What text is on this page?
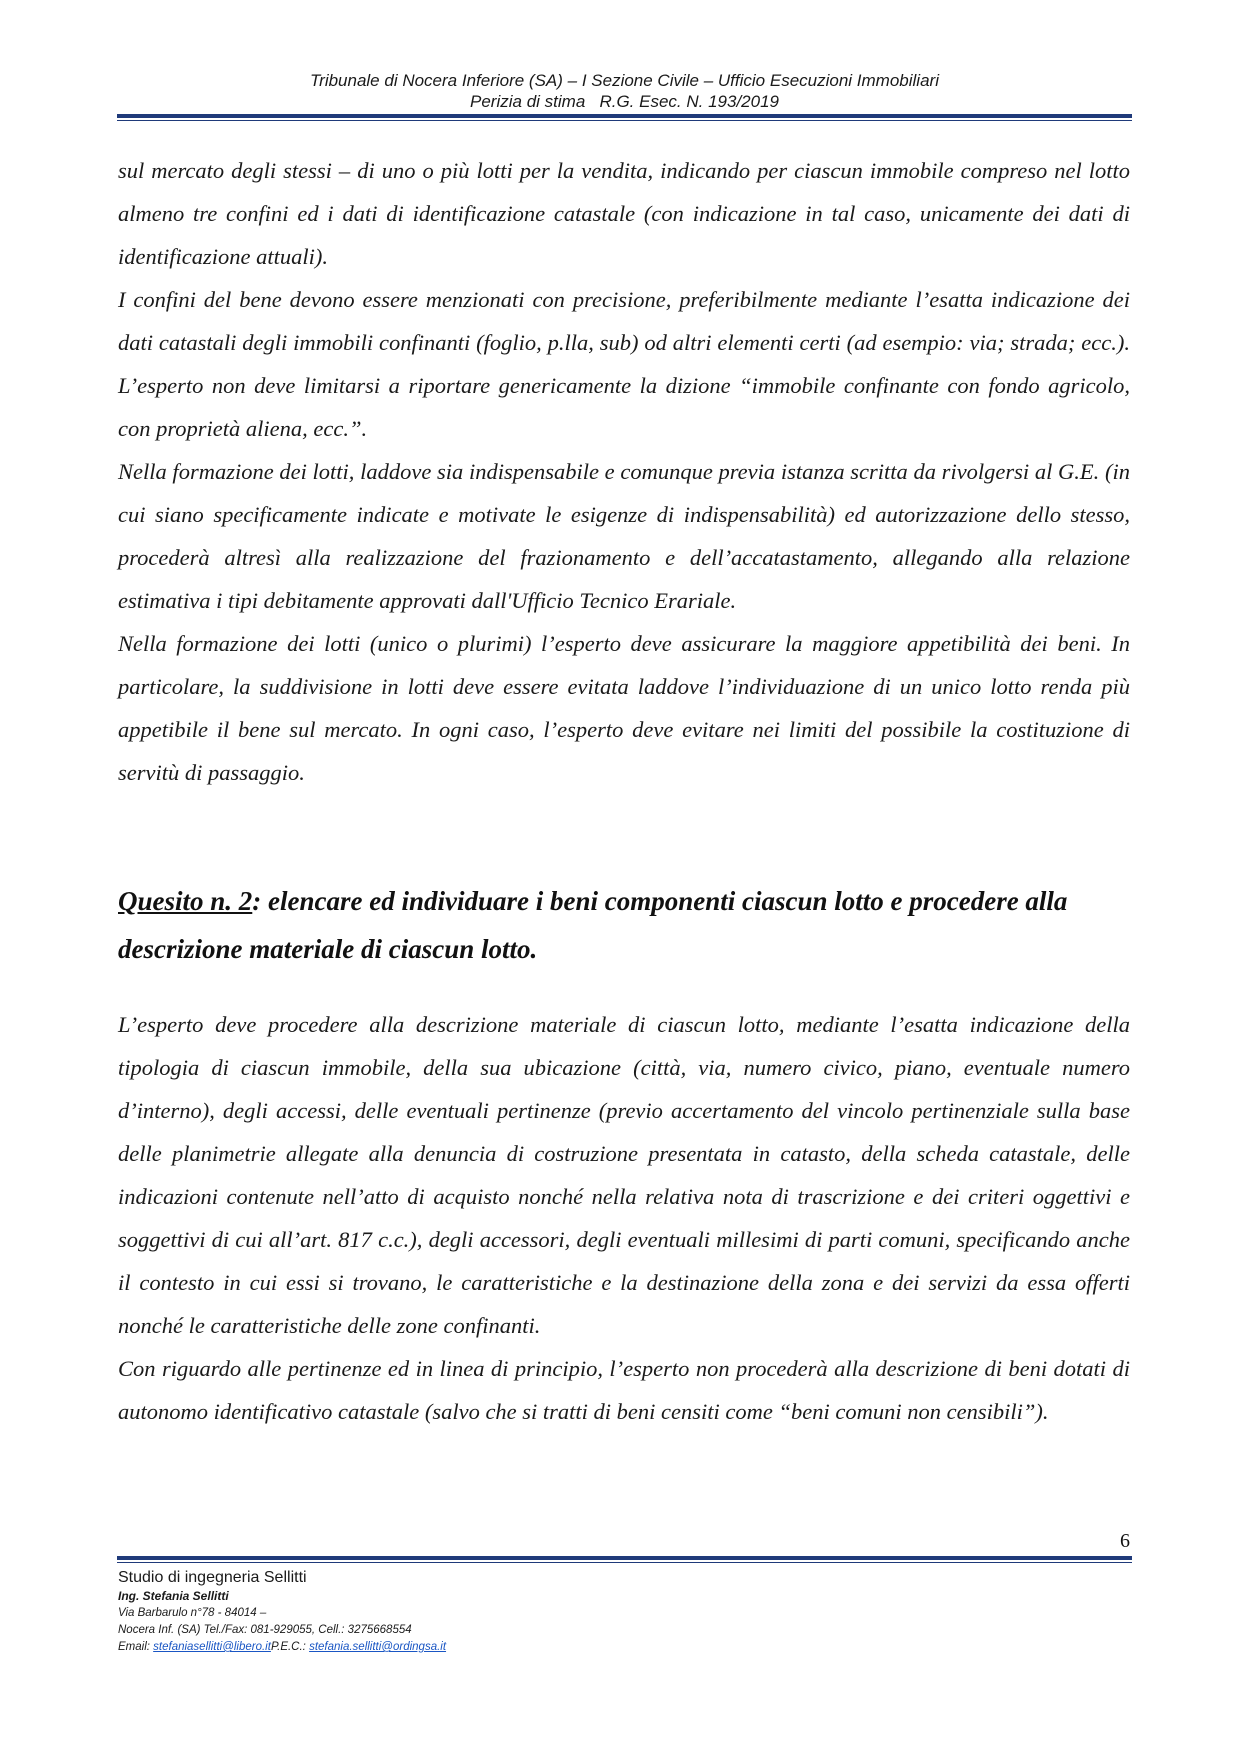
Tribunale di Nocera Inferiore (SA) – I Sezione Civile – Ufficio Esecuzioni Immobiliari
Perizia di stima   R.G. Esec. N. 193/2019

sul mercato degli stessi – di uno o più lotti per la vendita, indicando per ciascun immobile compreso nel lotto almeno tre confini ed i dati di identificazione catastale (con indicazione in tal caso, unicamente dei dati di identificazione attuali).

I confini del bene devono essere menzionati con precisione, preferibilmente mediante l’esatta indicazione dei dati catastali degli immobili confinanti (foglio, p.lla, sub) od altri elementi certi (ad esempio: via; strada; ecc.). L’esperto non deve limitarsi a riportare genericamente la dizione “immobile confinante con fondo agricolo, con proprietà aliena, ecc.”.

Nella formazione dei lotti, laddove sia indispensabile e comunque previa istanza scritta da rivolgersi al G.E. (in cui siano specificamente indicate e motivate le esigenze di indispensabilità) ed autorizzazione dello stesso, procederà altresì alla realizzazione del frazionamento e dell’accatastamento, allegando alla relazione estimativa i tipi debitamente approvati dall'Ufficio Tecnico Erariale.

Nella formazione dei lotti (unico o plurimi) l’esperto deve assicurare la maggiore appetibilità dei beni. In particolare, la suddivisione in lotti deve essere evitata laddove l’individuazione di un unico lotto renda più appetibile il bene sul mercato. In ogni caso, l’esperto deve evitare nei limiti del possibile la costituzione di servitù di passaggio.

Quesito n. 2: elencare ed individuare i beni componenti ciascun lotto e procedere alla descrizione materiale di ciascun lotto.

L’esperto deve procedere alla descrizione materiale di ciascun lotto, mediante l’esatta indicazione della tipologia di ciascun immobile, della sua ubicazione (città, via, numero civico, piano, eventuale numero d’interno), degli accessi, delle eventuali pertinenze (previo accertamento del vincolo pertinenziale sulla base delle planimetrie allegate alla denuncia di costruzione presentata in catasto, della scheda catastale, delle indicazioni contenute nell’atto di acquisto nonché nella relativa nota di trascrizione e dei criteri oggettivi e soggettivi di cui all’art. 817 c.c.), degli accessori, degli eventuali millesimi di parti comuni, specificando anche il contesto in cui essi si trovano, le caratteristiche e la destinazione della zona e dei servizi da essa offerti nonché le caratteristiche delle zone confinanti.

Con riguardo alle pertinenze ed in linea di principio, l’esperto non procederà alla descrizione di beni dotati di autonomo identificativo catastale (salvo che si tratti di beni censiti come “beni comuni non censibili”).

6
Studio di ingegneria Sellitti
Ing. Stefania Sellitti
Via Barbarulo n°78 - 84014 –
Nocera Inf. (SA) Tel./Fax: 081-929055, Cell.: 3275668554
Email: stefaniasellitti@libero.itP.E.C.: stefania.sellitti@ordingsa.it
